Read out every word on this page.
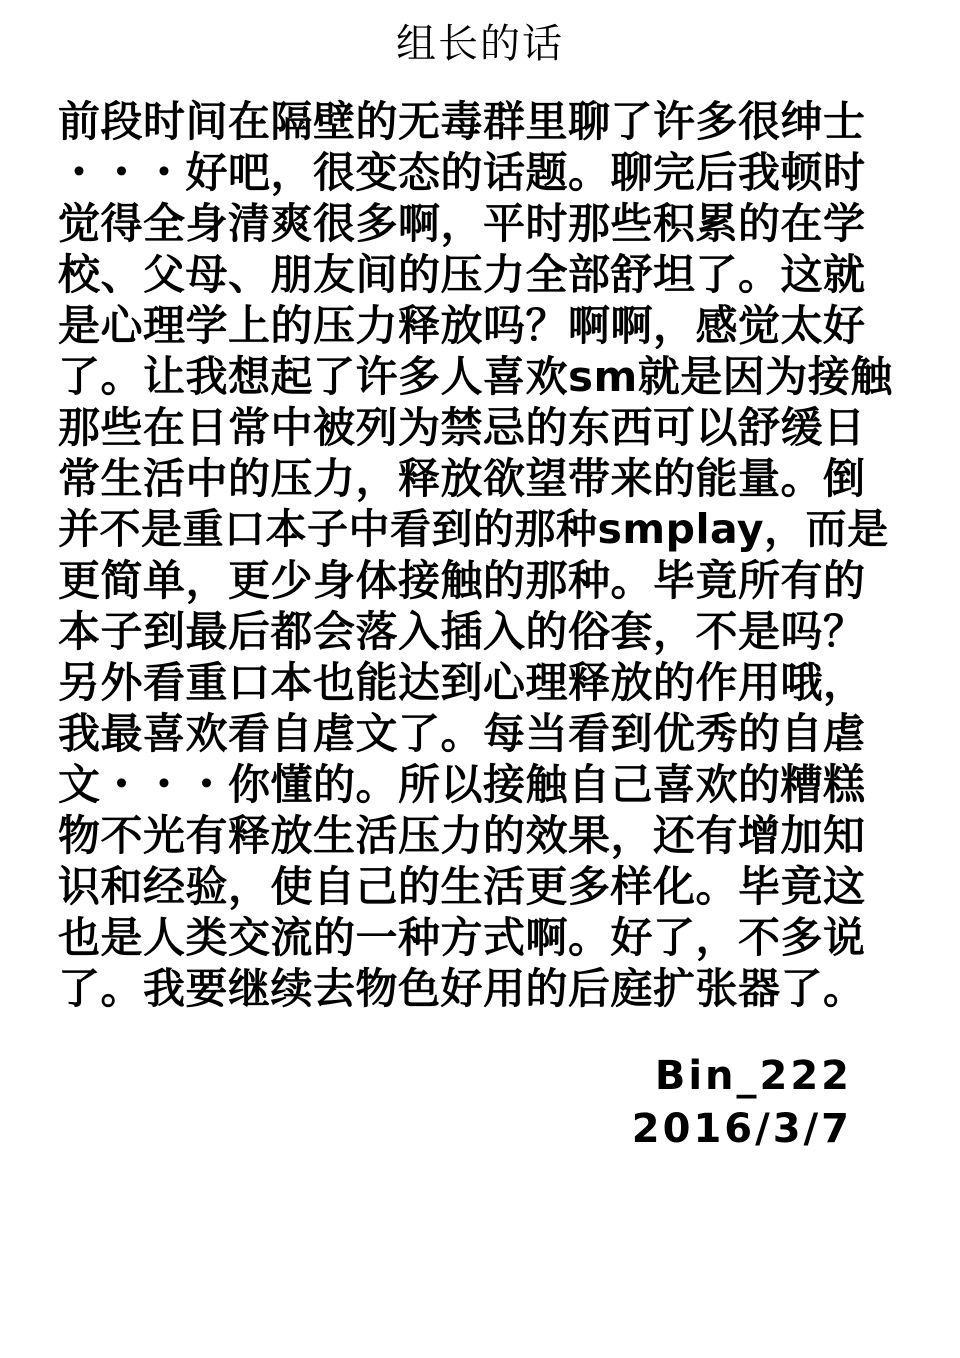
组长的话
前段时间在隔壁的无毒群里聊了许多很绅士
・・・好吧，很变态的话题。聊完后我顿时
觉得全身清爽很多啊，平时那些积累的在学
校、父母、朋友间的压力全部舒坦了。这就
是心理学上的压力释放吗？啊啊，感觉太好
了。让我想起了许多人喜欢sm就是因为接触
那些在日常中被列为禁忌的东西可以舒缓日
常生活中的压力，释放欲望带来的能量。倒
并不是重口本子中看到的那种smplay，而是
更简单，更少身体接触的那种。毕竟所有的
本子到最后都会落入插入的俗套，不是吗？
另外看重口本也能达到心理释放的作用哦，
我最喜欢看自虐文了。每当看到优秀的自虐
文・・・你懂的。所以接触自己喜欢的糟糕
物不光有释放生活压力的效果，还有增加知
识和经验，使自己的生活更多样化。毕竟这
也是人类交流的一种方式啊。好了，不多说
了。我要继续去物色好用的后庭扩张器了。
Bin_222
2016/3/7
